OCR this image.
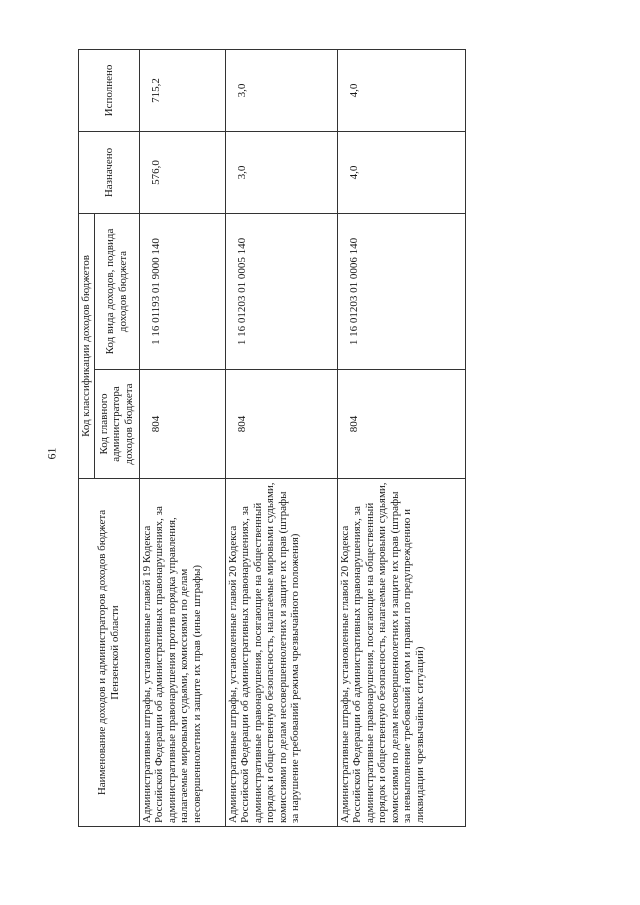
61
Наименование доходов и администраторов доходов бюджета Пензенской области	Код классификации доходов бюджетов		Назначено	Исполнено
	Код главного администратора доходов бюджета	Код вида доходов, подвида доходов бюджета		
Административные штрафы, установленные главой 19 Кодекса Российской Федерации об административных правонарушениях, за административные правонарушения против порядка управления, налагаемые мировыми судьями, комиссиями по делам несовершеннолетних и защите их прав (иные штрафы)	804	1 16 01193 01 9000 140	576,0	715,2
Административные штрафы, установленные главой 20 Кодекса Российской Федерации об административных правонарушениях, за административные правонарушения, посягающие на общественный порядок и общественную безопасность, налагаемые мировыми судьями, комиссиями по делам несовершеннолетних и защите их прав (штрафы за нарушение требований режима чрезвычайного положения)	804	1 16 01203 01 0005 140	3,0	3,0
Административные штрафы, установленные главой 20 Кодекса Российской Федерации об административных правонарушениях, за административные правонарушения, посягающие на общественный порядок и общественную безопасность, налагаемые мировыми судьями, комиссиями по делам несовершеннолетних и защите их прав (штрафы за невыполнение требований норм и правил по предупреждению и ликвидации чрезвычайных ситуаций)	804	1 16 01203 01 0006 140	4,0	4,0
